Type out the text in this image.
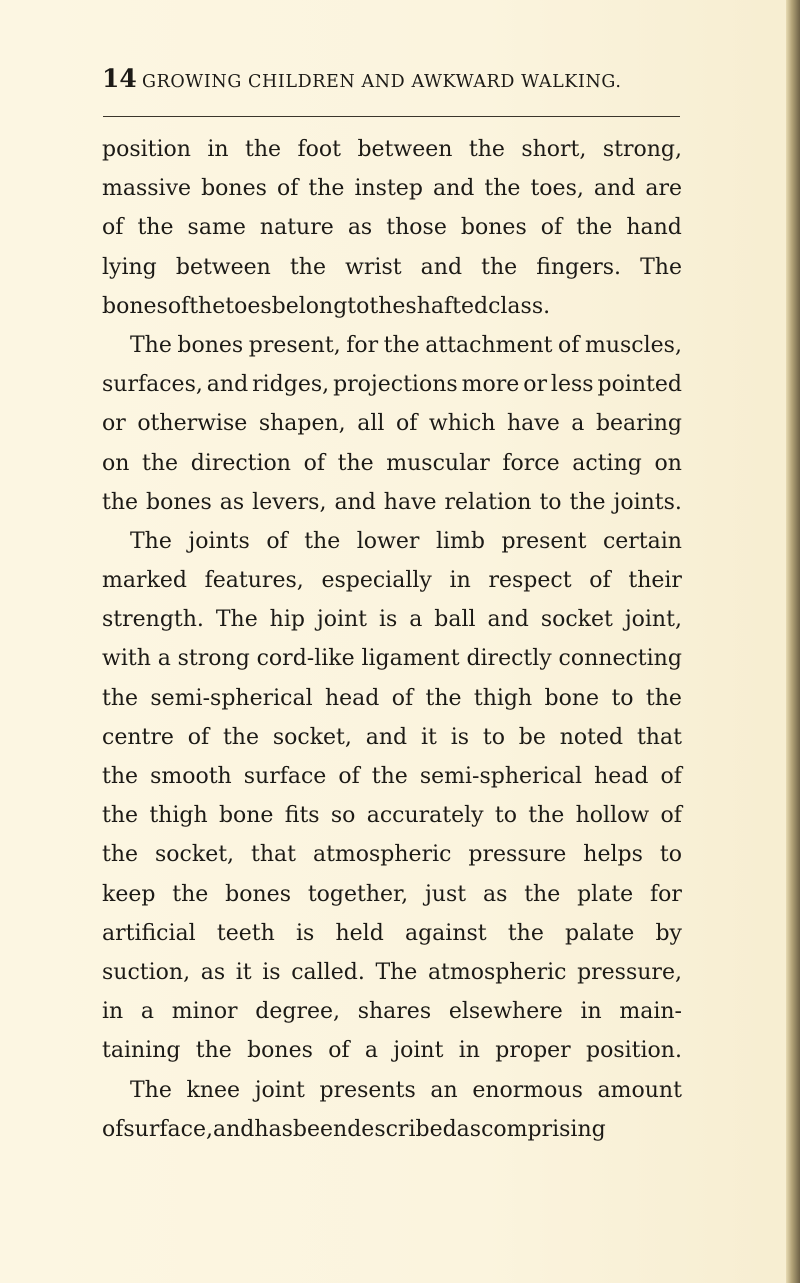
14 GROWING CHILDREN AND AWKWARD WALKING.
position in the foot between the short, strong,
massive bones of the instep and the toes, and are
of the same nature as those bones of the hand
lying between the wrist and the fingers. The
bones of the toes belong to the shafted class.
The bones present, for the attachment of muscles,
surfaces, and ridges, projections more or less pointed
or otherwise shapen, all of which have a bearing
on the direction of the muscular force acting on
the bones as levers, and have relation to the joints.
The joints of the lower limb present certain
marked features, especially in respect of their
strength. The hip joint is a ball and socket joint,
with a strong cord-like ligament directly connecting
the semi-spherical head of the thigh bone to the
centre of the socket, and it is to be noted that
the smooth surface of the semi-spherical head of
the thigh bone fits so accurately to the hollow of
the socket, that atmospheric pressure helps to
keep the bones together, just as the plate for
artificial teeth is held against the palate by
suction, as it is called. The atmospheric pressure,
in a minor degree, shares elsewhere in main-
taining the bones of a joint in proper position.
The knee joint presents an enormous amount
of surface, and has been described as comprising
